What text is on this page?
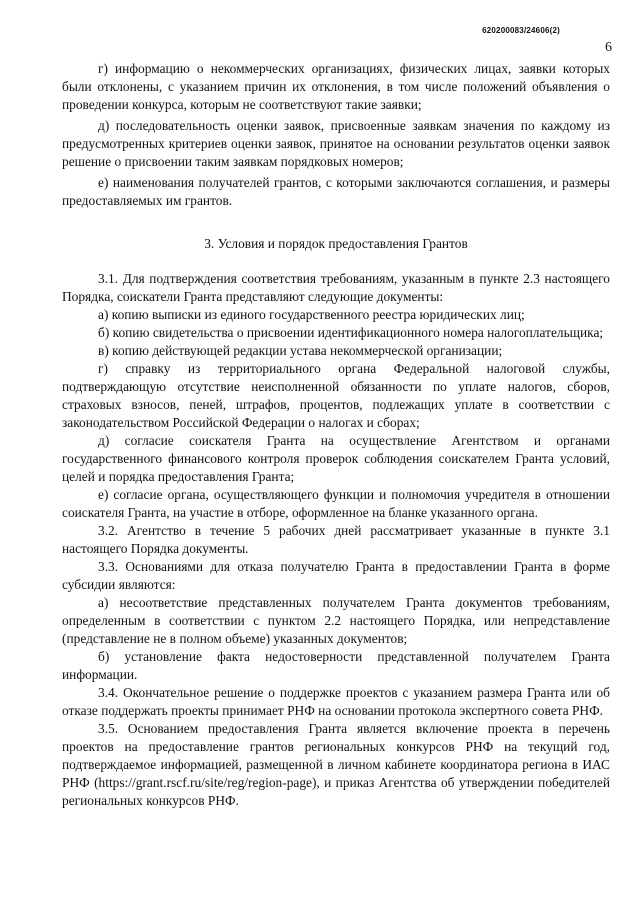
620200083/24606(2)
6

г) информацию о некоммерческих организациях, физических лицах, заявки которых были отклонены, с указанием причин их отклонения, в том числе положений объявления о проведении конкурса, которым не соответствуют такие заявки;

д) последовательность оценки заявок, присвоенные заявкам значения по каждому из предусмотренных критериев оценки заявок, принятое на основании результатов оценки заявок решение о присвоении таким заявкам порядковых номеров;

е) наименования получателей грантов, с которыми заключаются соглашения, и размеры предоставляемых им грантов.

3. Условия и порядок предоставления Грантов

3.1. Для подтверждения соответствия требованиям, указанным в пункте 2.3 настоящего Порядка, соискатели Гранта представляют следующие документы:

а) копию выписки из единого государственного реестра юридических лиц;

б) копию свидетельства о присвоении идентификационного номера налогоплательщика;

в) копию действующей редакции устава некоммерческой организации;

г) справку из территориального органа Федеральной налоговой службы, подтверждающую отсутствие неисполненной обязанности по уплате налогов, сборов, страховых взносов, пеней, штрафов, процентов, подлежащих уплате в соответствии с законодательством Российской Федерации о налогах и сборах;

д) согласие соискателя Гранта на осуществление Агентством и органами государственного финансового контроля проверок соблюдения соискателем Гранта условий, целей и порядка предоставления Гранта;

е) согласие органа, осуществляющего функции и полномочия учредителя в отношении соискателя Гранта, на участие в отборе, оформленное на бланке указанного органа.

3.2. Агентство в течение 5 рабочих дней рассматривает указанные в пункте 3.1 настоящего Порядка документы.

3.3. Основаниями для отказа получателю Гранта в предоставлении Гранта в форме субсидии являются:

а) несоответствие представленных получателем Гранта документов требованиям, определенным в соответствии с пунктом 2.2 настоящего Порядка, или непредставление (представление не в полном объеме) указанных документов;

б) установление факта недостоверности представленной получателем Гранта информации.

3.4. Окончательное решение о поддержке проектов с указанием размера Гранта или об отказе поддержать проекты принимает РНФ на основании протокола экспертного совета РНФ.

3.5. Основанием предоставления Гранта является включение проекта в перечень проектов на предоставление грантов региональных конкурсов РНФ на текущий год, подтверждаемое информацией, размещенной в личном кабинете координатора региона в ИАС РНФ (https://grant.rscf.ru/site/reg/region-page), и приказ Агентства об утверждении победителей региональных конкурсов РНФ.
